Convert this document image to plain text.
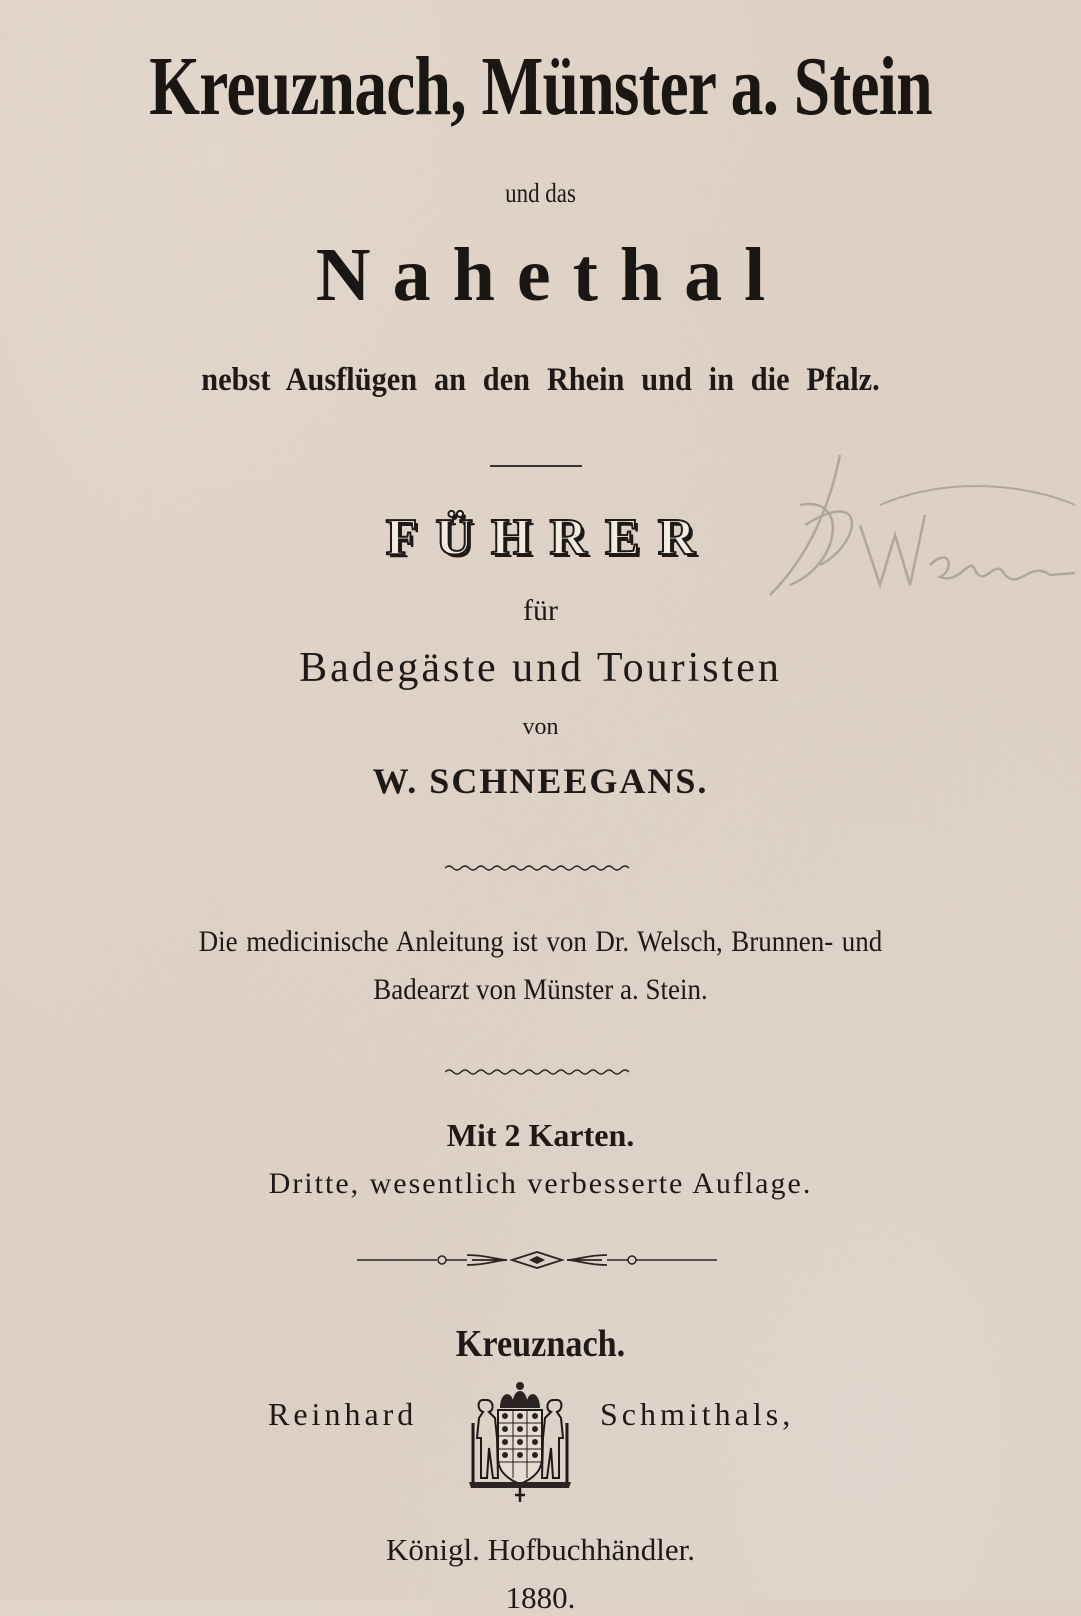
Kreuznach, Münster a. Stein
und das
Nahethal
nebst Ausflügen an den Rhein und in die Pfalz.
FÜHRER
für
Badegäste und Touristen
von
W. SCHNEEGANS.
Die medicinische Anleitung ist von Dr. Welsch, Brunnen- und
Badearzt von Münster a. Stein.
Mit 2 Karten.
Dritte, wesentlich verbesserte Auflage.
Kreuznach.
Reinhard	Schmithals,
Königl. Hofbuchhändler.
1880.
